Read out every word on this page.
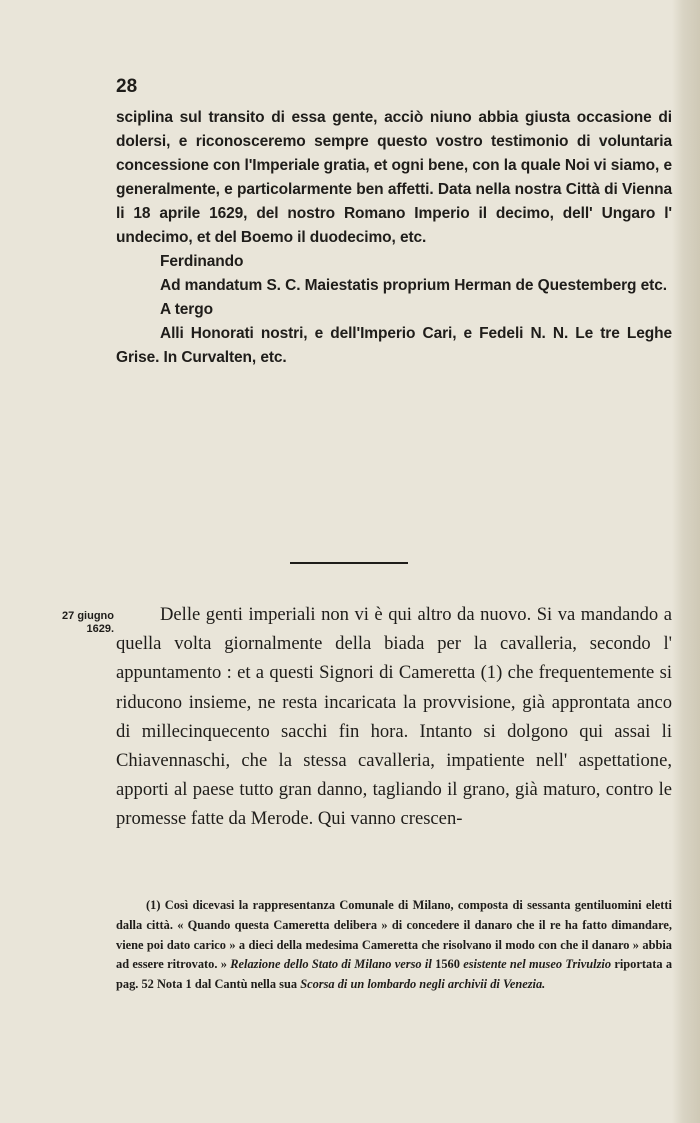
28

sciplina sul transito di essa gente, acciò niuno abbia giusta occasione di dolersi, e riconosceremo sempre questo vostro testimonio di voluntaria concessione con l'Imperiale gratia, et ogni bene, con la quale Noi vi siamo, e generalmente, e particolarmente ben affetti. Data nella nostra Città di Vienna li 18 aprile 1629, del nostro Romano Imperio il decimo, dell' Ungaro l' undecimo, et del Boemo il duodecimo, etc.

Ferdinando

Ad mandatum S. C. Maiestatis proprium Herman de Questemberg etc.

A tergo

Alli Honorati nostri, e dell'Imperio Cari, e Fedeli N. N. Le tre Leghe Grise. In Curvalten, etc.

27 giugno
1629.

Delle genti imperiali non vi è qui altro da nuovo. Si va mandando a quella volta giornalmente della biada per la cavalleria, secondo l' appuntamento : et a questi Signori di Cameretta (1) che frequentemente si riducono insieme, ne resta incaricata la provvisione, già approntata anco di millecinquecento sacchi fin hora. Intanto si dolgono qui assai li Chiavennaschi, che la stessa cavalleria, impatiente nell' aspettatione, apporti al paese tutto gran danno, tagliando il grano, già maturo, contro le promesse fatte da Merode. Qui vanno crescen-

(1) Così dicevasi la rappresentanza Comunale di Milano, composta di sessanta gentiluomini eletti dalla città. « Quando questa Cameretta delibera » di concedere il danaro che il re ha fatto dimandare, viene poi dato carico » a dieci della medesima Cameretta che risolvano il modo con che il danaro » abbia ad essere ritrovato. » Relazione dello Stato di Milano verso il 1560 esistente nel museo Trivulzio riportata a pag. 52 Nota 1 dal Cantù nella sua Scorsa di un lombardo negli archivii di Venezia.
